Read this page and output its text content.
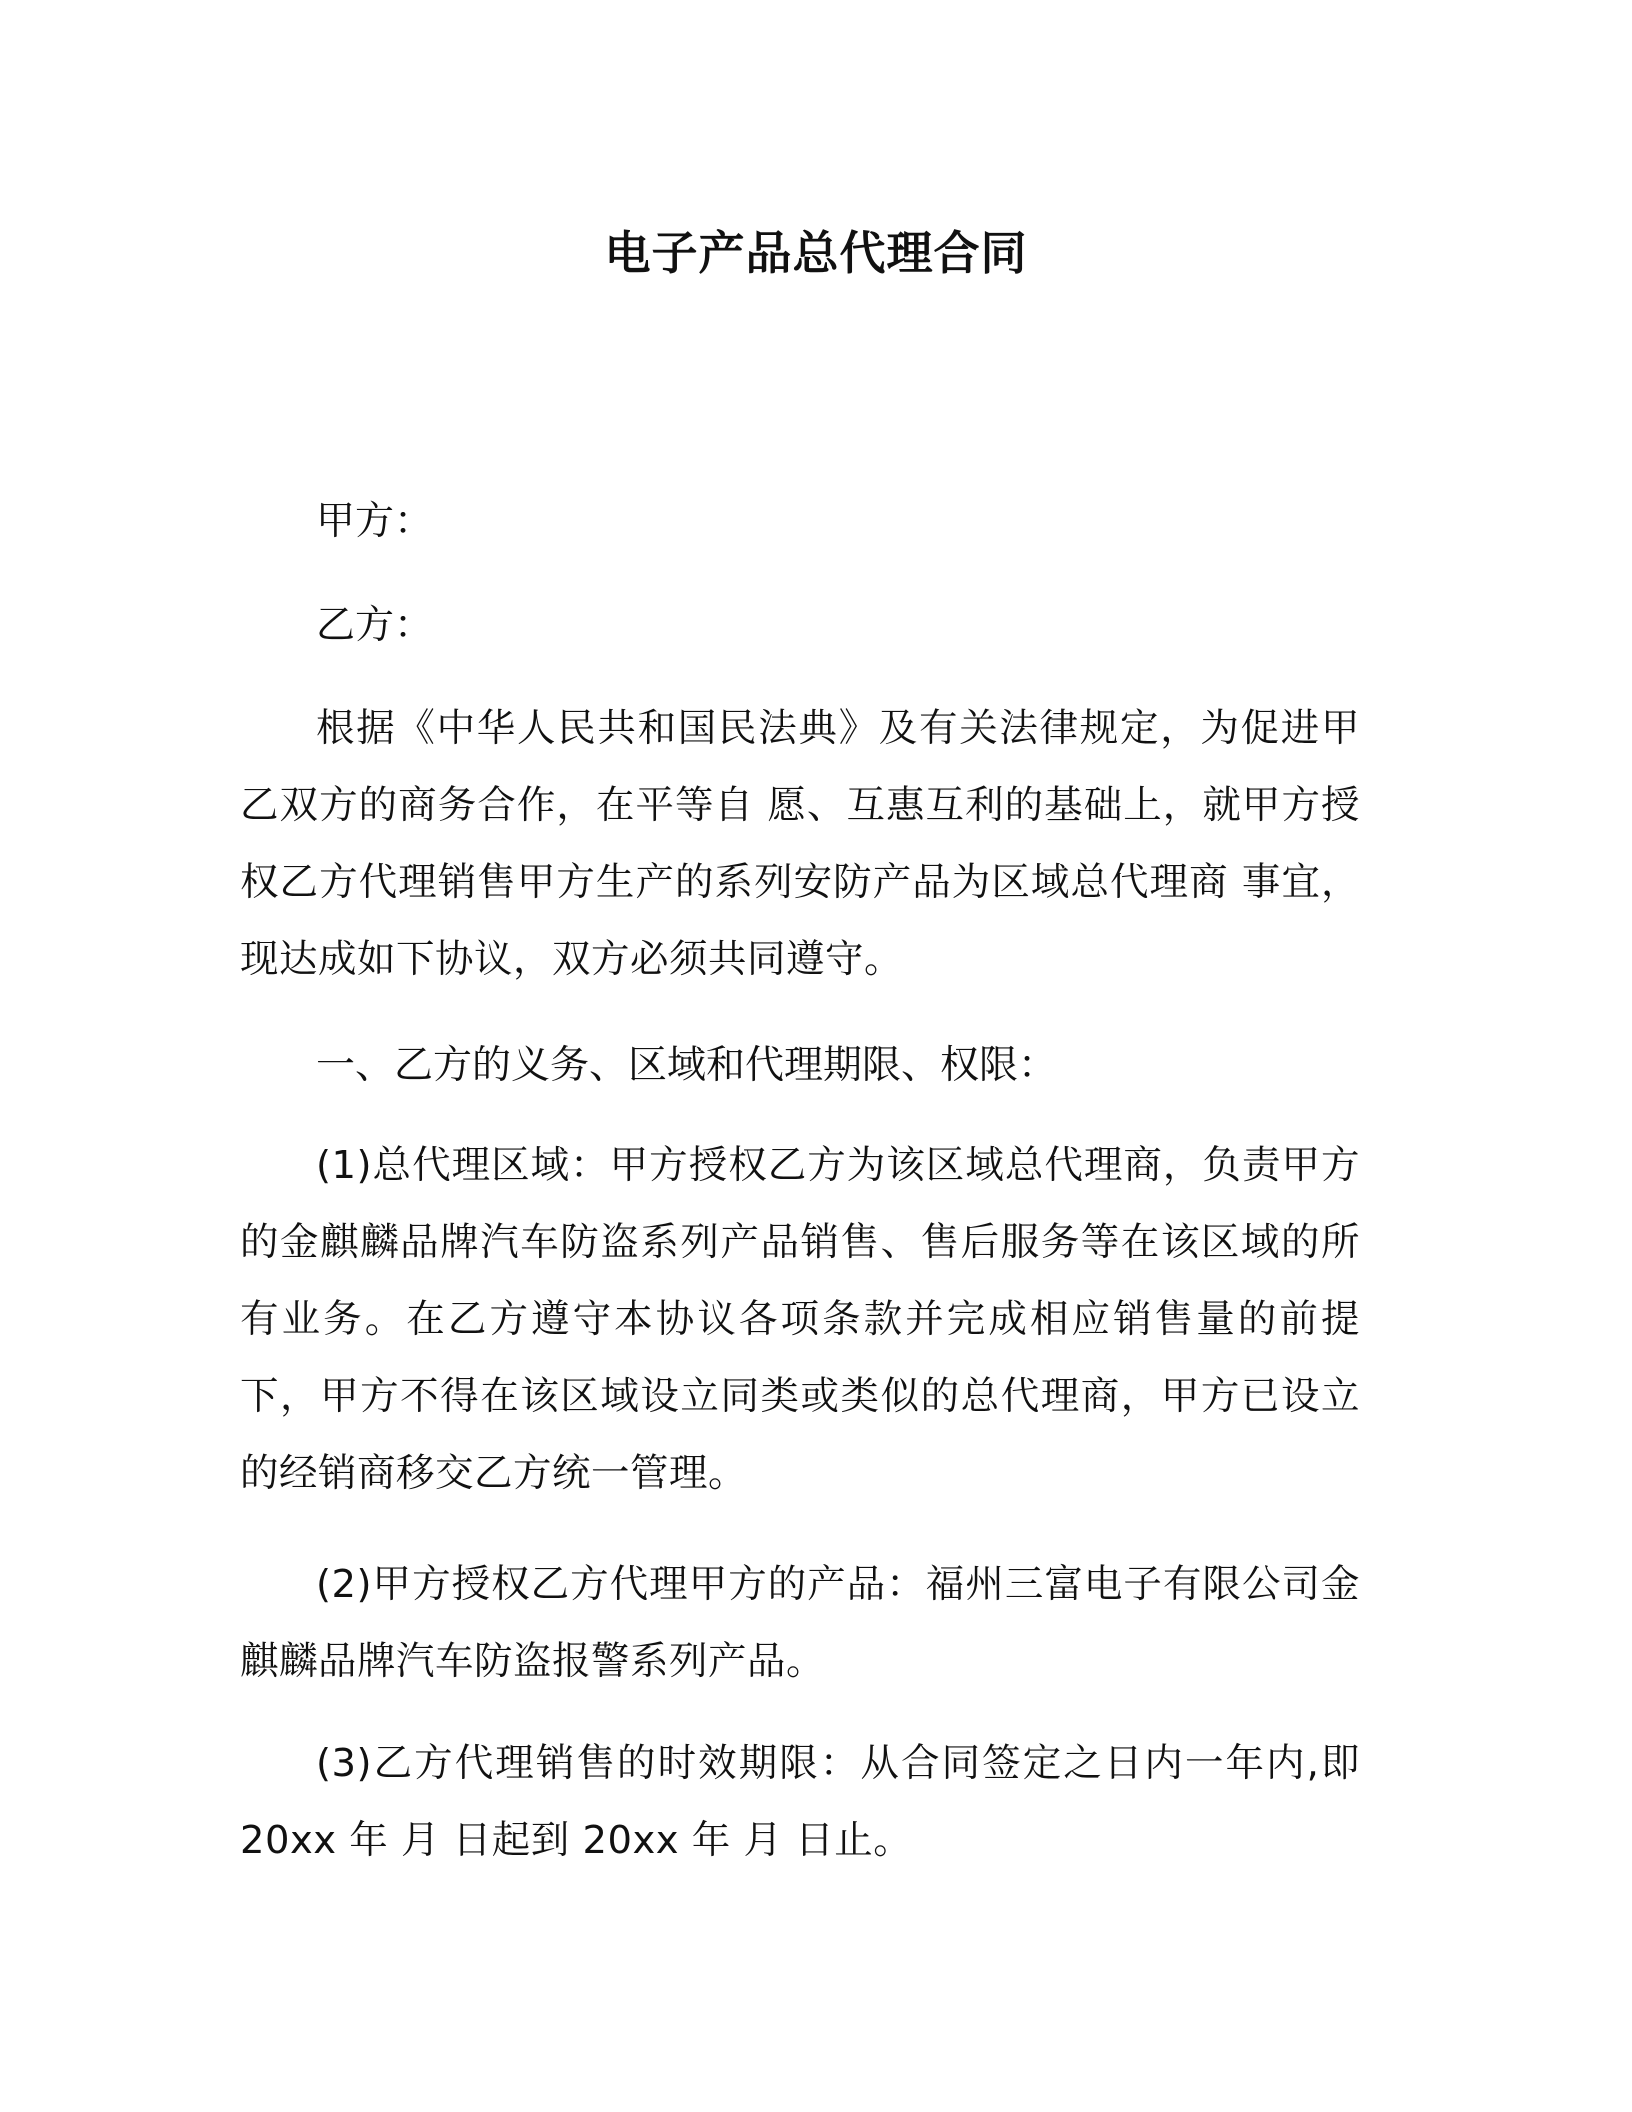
电子产品总代理合同
甲方：
乙方：
根据《中华人民共和国民法典》及有关法律规定，为促进甲乙双方的商务合作，在平等自 愿、互惠互利的基础上，就甲方授权乙方代理销售甲方生产的系列安防产品为区域总代理商 事宜，现达成如下协议，双方必须共同遵守。
一、乙方的义务、区域和代理期限、权限：
(1)总代理区域：甲方授权乙方为该区域总代理商，负责甲方的金麒麟品牌汽车防盗系列产品销售、售后服务等在该区域的所有业务。在乙方遵守本协议各项条款并完成相应销售量的前提下，甲方不得在该区域设立同类或类似的总代理商，甲方已设立的经销商移交乙方统一管理。
(2)甲方授权乙方代理甲方的产品：福州三富电子有限公司金麒麟品牌汽车防盗报警系列产品。
(3)乙方代理销售的时效期限：从合同签定之日内一年内,即 20xx 年 月 日起到 20xx 年 月 日止。
